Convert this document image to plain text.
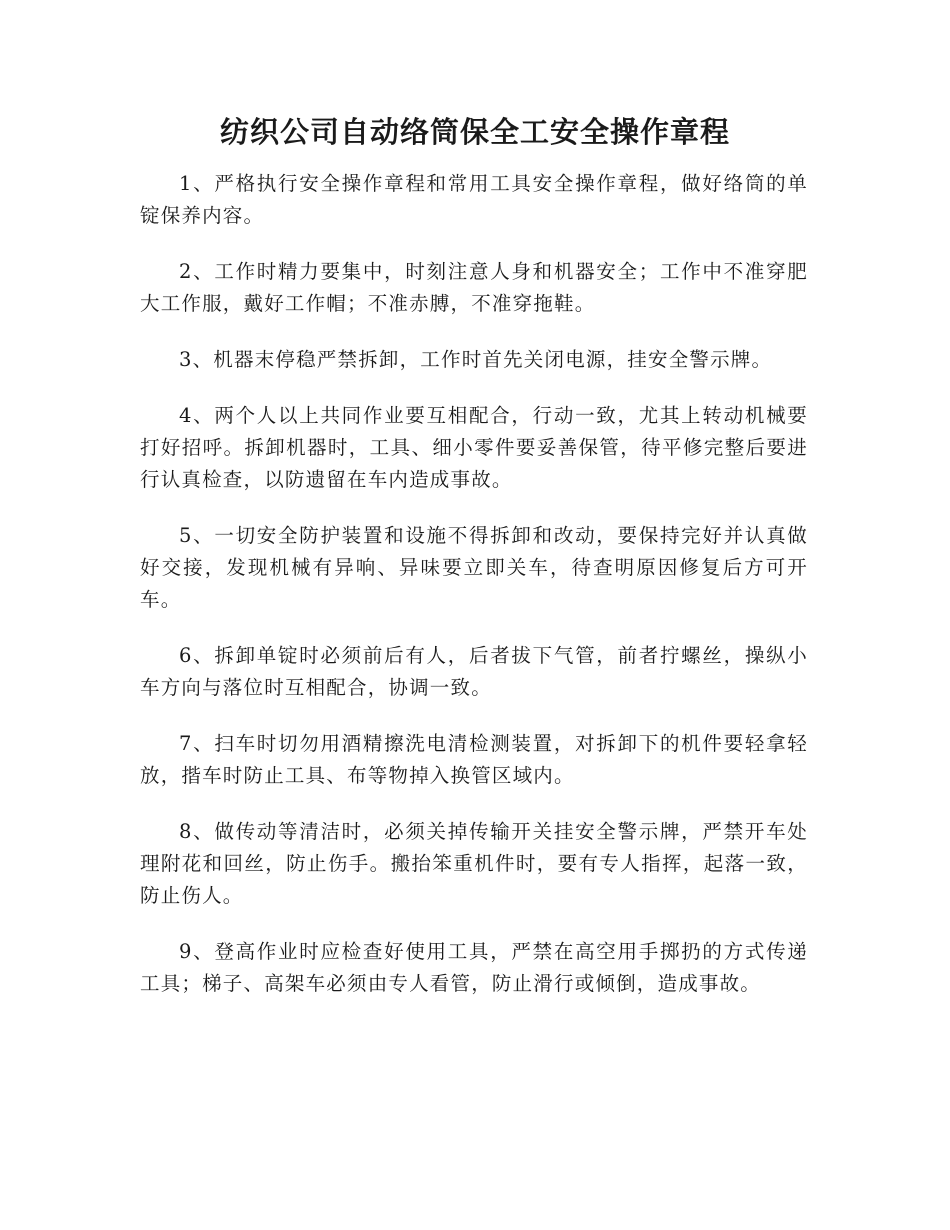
纺织公司自动络筒保全工安全操作章程

1、严格执行安全操作章程和常用工具安全操作章程，做好络筒的单锭保养内容。

2、工作时精力要集中，时刻注意人身和机器安全；工作中不准穿肥大工作服，戴好工作帽；不准赤膊，不准穿拖鞋。

3、机器末停稳严禁拆卸，工作时首先关闭电源，挂安全警示牌。

4、两个人以上共同作业要互相配合，行动一致，尤其上转动机械要打好招呼。拆卸机器时，工具、细小零件要妥善保管，待平修完整后要进行认真检查，以防遗留在车内造成事故。

5、一切安全防护装置和设施不得拆卸和改动，要保持完好并认真做好交接，发现机械有异响、异味要立即关车，待查明原因修复后方可开车。

6、拆卸单锭时必须前后有人，后者拔下气管，前者拧螺丝，操纵小车方向与落位时互相配合，协调一致。

7、扫车时切勿用酒精擦洗电清检测装置，对拆卸下的机件要轻拿轻放，揩车时防止工具、布等物掉入换管区域内。

8、做传动等清洁时，必须关掉传输开关挂安全警示牌，严禁开车处理附花和回丝，防止伤手。搬抬笨重机件时，要有专人指挥，起落一致，防止伤人。

9、登高作业时应检查好使用工具，严禁在高空用手掷扔的方式传递工具；梯子、高架车必须由专人看管，防止滑行或倾倒，造成事故。
